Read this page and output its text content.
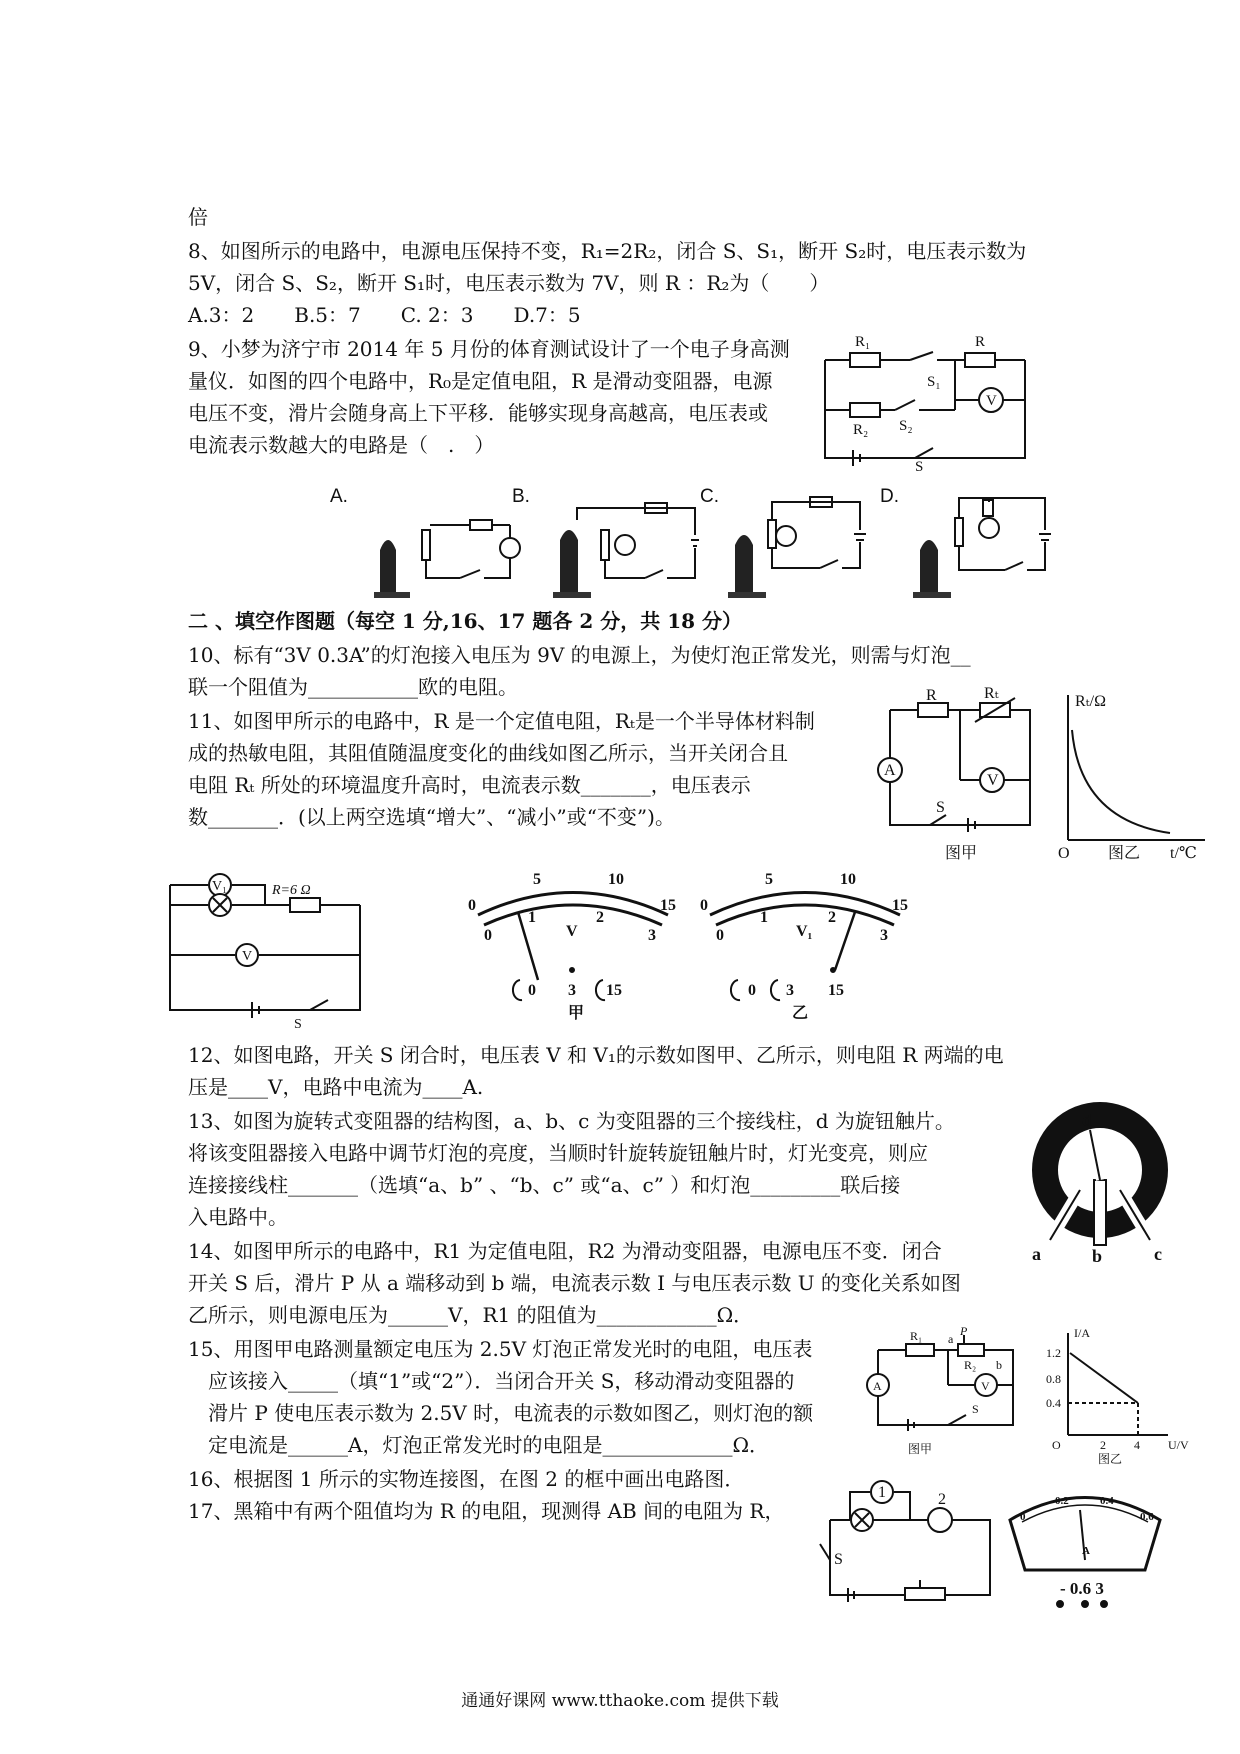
倍
8、如图所示的电路中，电源电压保持不变，R₁=2R₂，闭合 S、S₁，断开 S₂时，电压表示数为
5V，闭合 S、S₂，断开 S₁时，电压表示数为 7V，则 R ：R₂为（　　）
A.3：2　　B.5：7　　C. 2：3　　D.7：5
9、小梦为济宁市 2014 年 5 月份的体育测试设计了一个电子身高测
量仪．如图的四个电路中，R₀是定值电阻，R 是滑动变阻器，电源
电压不变，滑片会随身高上下平移．能够实现身高越高，电压表或
电流表示数越大的电路是（　.　）
二 、填空作图题（每空 1 分,16、17 题各 2 分，共 18 分）
10、标有“3V 0.3A”的灯泡接入电压为 9V 的电源上，为使灯泡正常发光，则需与灯泡__
联一个阻值为___________欧的电阻。
11、如图甲所示的电路中，R 是一个定值电阻，Rₜ是一个半导体材料制
成的热敏电阻，其阻值随温度变化的曲线如图乙所示，当开关闭合且
电阻 Rₜ 所处的环境温度升高时，电流表示数_______，电压表示
数_______．(以上两空选填“增大”、“减小”或“不变”)。
12、如图电路，开关 S 闭合时，电压表 V 和 V₁的示数如图甲、乙所示，则电阻 R 两端的电
压是____V，电路中电流为____A.
13、如图为旋转式变阻器的结构图，a、b、c 为变阻器的三个接线柱，d 为旋钮触片。
将该变阻器接入电路中调节灯泡的亮度，当顺时针旋转旋钮触片时，灯光变亮，则应
连接接线柱_______（选填“a、b” 、“b、c” 或“a、c” ）和灯泡_________联后接
入电路中。
14、如图甲所示的电路中，R1 为定值电阻，R2 为滑动变阻器，电源电压不变．闭合
开关 S 后，滑片 P 从 a 端移动到 b 端，电流表示数 I 与电压表示数 U 的变化关系如图
乙所示，则电源电压为______V，R1 的阻值为____________Ω．
15、用图甲电路测量额定电压为 2.5V 灯泡正常发光时的电阻，电压表
应该接入_____（填“1”或“2”）．当闭合开关 S，移动滑动变阻器的
滑片 P 使电压表示数为 2.5V 时，电流表的示数如图乙，则灯泡的额
定电流是______A，灯泡正常发光时的电阻是_____________Ω．
16、根据图 1 所示的实物连接图，在图 2 的框中画出电路图．
17、黑箱中有两个阻值均为 R 的电阻，现测得 AB 间的电阻为 R，
R₁	R
S₁
R₂ S₂
S
V
A.	B.	C.	D.
R	Rₜ
A
V
S
Rₜ/Ω
t/℃
O
图甲	图乙
V₁
V
R=6 Ω
S
0
5	10
15
0
1	2
3
V
0 3 15
甲
0
5	10
15
0
1	2
3
V₁
0 3 15
乙
d
a	b	c
R₁	P
a
b
R₂
A	V
S
I/A
U/V
1.2
0.8
0.4
2 4
O
图甲
图乙
1	2
S
0
0.2	0.4
0.6
A
- 0.6 3
通通好课网 www.tthaoke.com 提供下载
